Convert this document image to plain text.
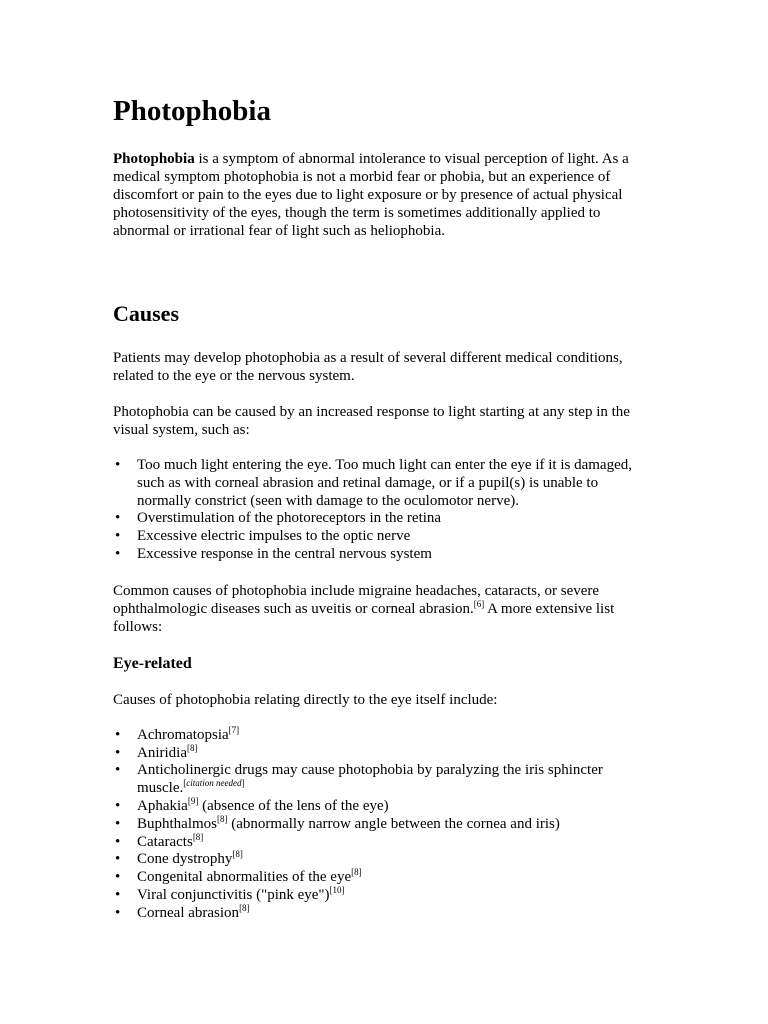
Photophobia

Photophobia is a symptom of abnormal intolerance to visual perception of light. As a medical symptom photophobia is not a morbid fear or phobia, but an experience of discomfort or pain to the eyes due to light exposure or by presence of actual physical photosensitivity of the eyes, though the term is sometimes additionally applied to abnormal or irrational fear of light such as heliophobia.

Causes

Patients may develop photophobia as a result of several different medical conditions, related to the eye or the nervous system.

Photophobia can be caused by an increased response to light starting at any step in the visual system, such as:

• Too much light entering the eye. Too much light can enter the eye if it is damaged, such as with corneal abrasion and retinal damage, or if a pupil(s) is unable to normally constrict (seen with damage to the oculomotor nerve).
• Overstimulation of the photoreceptors in the retina
• Excessive electric impulses to the optic nerve
• Excessive response in the central nervous system

Common causes of photophobia include migraine headaches, cataracts, or severe ophthalmologic diseases such as uveitis or corneal abrasion.[6] A more extensive list follows:

Eye-related

Causes of photophobia relating directly to the eye itself include:

• Achromatopsia[7]
• Aniridia[8]
• Anticholinergic drugs may cause photophobia by paralyzing the iris sphincter muscle.[citation needed]
• Aphakia[9] (absence of the lens of the eye)
• Buphthalmos[8] (abnormally narrow angle between the cornea and iris)
• Cataracts[8]
• Cone dystrophy[8]
• Congenital abnormalities of the eye[8]
• Viral conjunctivitis ("pink eye")[10]
• Corneal abrasion[8]
